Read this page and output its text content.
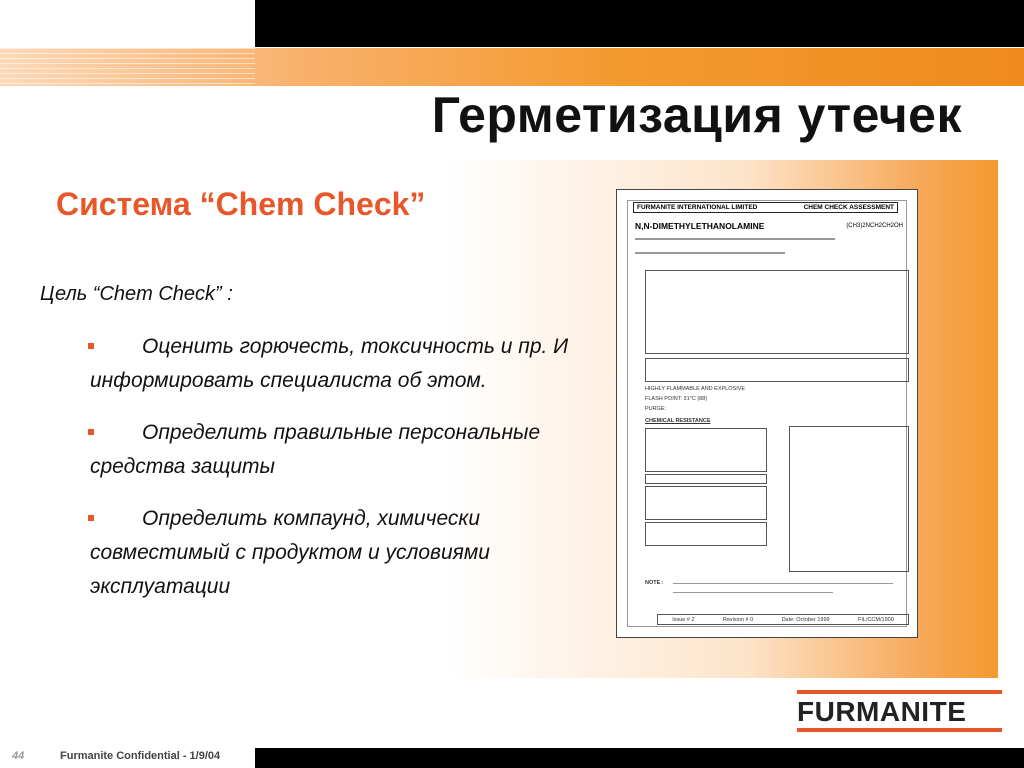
Герметизация утечек
Система “Chem Check”
Цель “Chem Check” :
Оценить горючесть, токсичность и пр. И информировать специалиста об этом.
Определить правильные персональные средства защиты
Определить компаунд, химически совместимый с продуктом и условиями эксплуатации
FURMANITE INTERNATIONAL LIMITED	CHEM CHECK ASSESSMENT
N,N-DIMETHYLETHANOLAMINE	(CH3)2NCH2CH2OH
HIGHLY FLAMMABLE AND EXPLOSIVE
FLASH POINT: 31°C (88)
PURGE:
CHEMICAL RESISTANCE
NOTE :
Issue # 2	Revision # 0	Date: October 1999	FIL/CCM/1900
FURMANITE
44	Furmanite Confidential - 1/9/04
